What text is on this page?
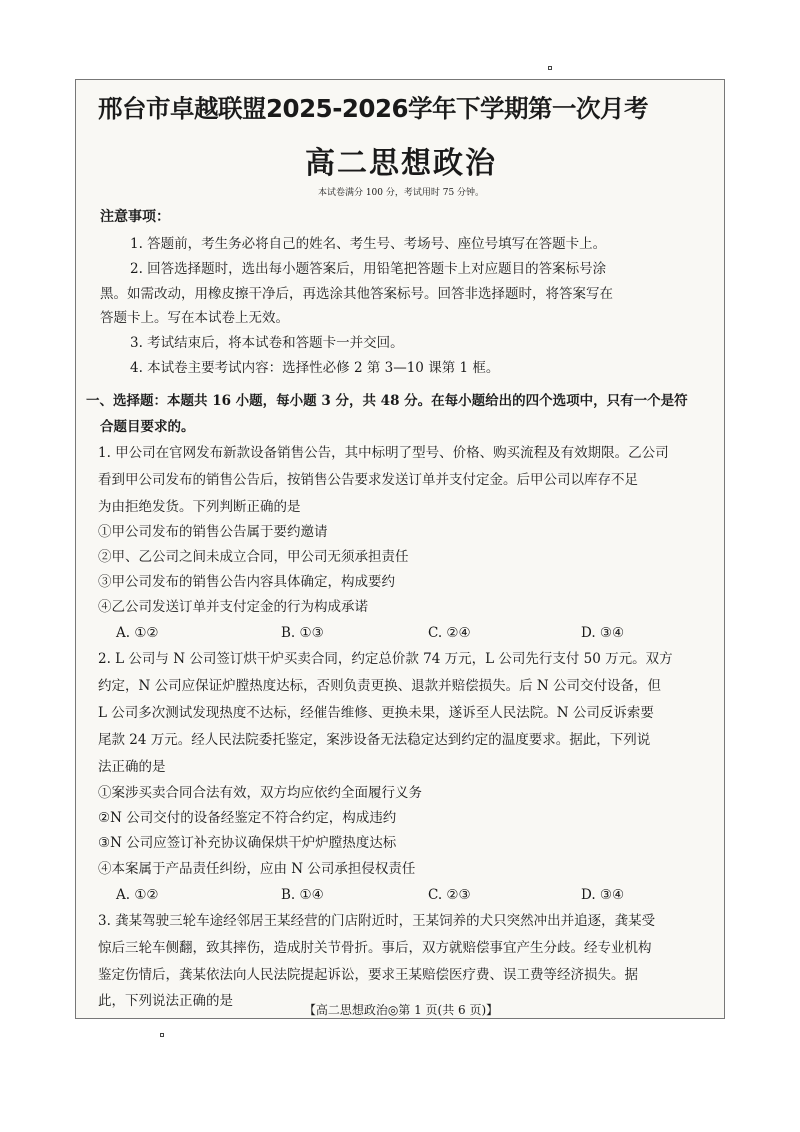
邢台市卓越联盟2025-2026学年下学期第一次月考
高二思想政治
本试卷满分 100 分，考试用时 75 分钟。
注意事项：
1. 答题前，考生务必将自己的姓名、考生号、考场号、座位号填写在答题卡上。
2. 回答选择题时，选出每小题答案后，用铅笔把答题卡上对应题目的答案标号涂
黑。如需改动，用橡皮擦干净后，再选涂其他答案标号。回答非选择题时，将答案写在
答题卡上。写在本试卷上无效。
3. 考试结束后，将本试卷和答题卡一并交回。
4. 本试卷主要考试内容：选择性必修 2 第 3—10 课第 1 框。
一、选择题：本题共 16 小题，每小题 3 分，共 48 分。在每小题给出的四个选项中，只有一个是符
合题目要求的。
1. 甲公司在官网发布新款设备销售公告，其中标明了型号、价格、购买流程及有效期限。乙公司
看到甲公司发布的销售公告后，按销售公告要求发送订单并支付定金。后甲公司以库存不足
为由拒绝发货。下列判断正确的是
①甲公司发布的销售公告属于要约邀请
②甲、乙公司之间未成立合同，甲公司无须承担责任
③甲公司发布的销售公告内容具体确定，构成要约
④乙公司发送订单并支付定金的行为构成承诺
A. ①②	B. ①③	C. ②④	D. ③④
2. L 公司与 N 公司签订烘干炉买卖合同，约定总价款 74 万元，L 公司先行支付 50 万元。双方
约定，N 公司应保证炉膛热度达标，否则负责更换、退款并赔偿损失。后 N 公司交付设备，但
L 公司多次测试发现热度不达标，经催告维修、更换未果，遂诉至人民法院。N 公司反诉索要
尾款 24 万元。经人民法院委托鉴定，案涉设备无法稳定达到约定的温度要求。据此，下列说
法正确的是
①案涉买卖合同合法有效，双方均应依约全面履行义务
②N 公司交付的设备经鉴定不符合约定，构成违约
③N 公司应签订补充协议确保烘干炉炉膛热度达标
④本案属于产品责任纠纷，应由 N 公司承担侵权责任
A. ①②	B. ①④	C. ②③	D. ③④
3. 龚某驾驶三轮车途经邻居王某经营的门店附近时，王某饲养的犬只突然冲出并追逐，龚某受
惊后三轮车侧翻，致其摔伤，造成肘关节骨折。事后，双方就赔偿事宜产生分歧。经专业机构
鉴定伤情后，龚某依法向人民法院提起诉讼，要求王某赔偿医疗费、误工费等经济损失。据
此，下列说法正确的是
【高二思想政治◎第 1 页(共 6 页)】
